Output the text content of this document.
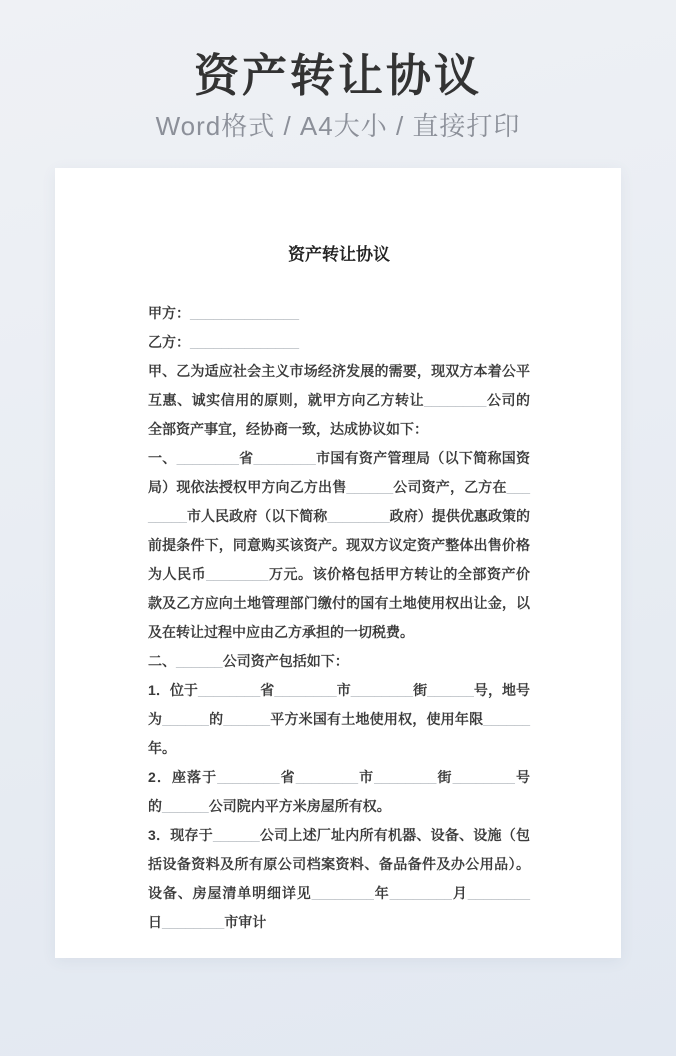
资产转让协议
Word格式 / A4大小 / 直接打印
资产转让协议

甲方：______________

乙方：______________

甲、乙为适应社会主义市场经济发展的需要，现双方本着公平互惠、诚实信用的原则，就甲方向乙方转让________公司的全部资产事宜，经协商一致，达成协议如下：

一、________省________市国有资产管理局（以下简称国资局）现依法授权甲方向乙方出售______公司资产，乙方在________市人民政府（以下简称________政府）提供优惠政策的前提条件下，同意购买该资产。现双方议定资产整体出售价格为人民币________万元。该价格包括甲方转让的全部资产价款及乙方应向土地管理部门缴付的国有土地使用权出让金，以及在转让过程中应由乙方承担的一切税费。

二、______公司资产包括如下：

1．位于________省________市________街______号，地号为______的______平方米国有土地使用权，使用年限______年。

2．座落于________省________市________街________号的______公司院内平方米房屋所有权。

3．现存于______公司上述厂址内所有机器、设备、设施（包括设备资料及所有原公司档案资料、备品备件及办公用品）。设备、房屋清单明细详见________年________月________日________市审计
